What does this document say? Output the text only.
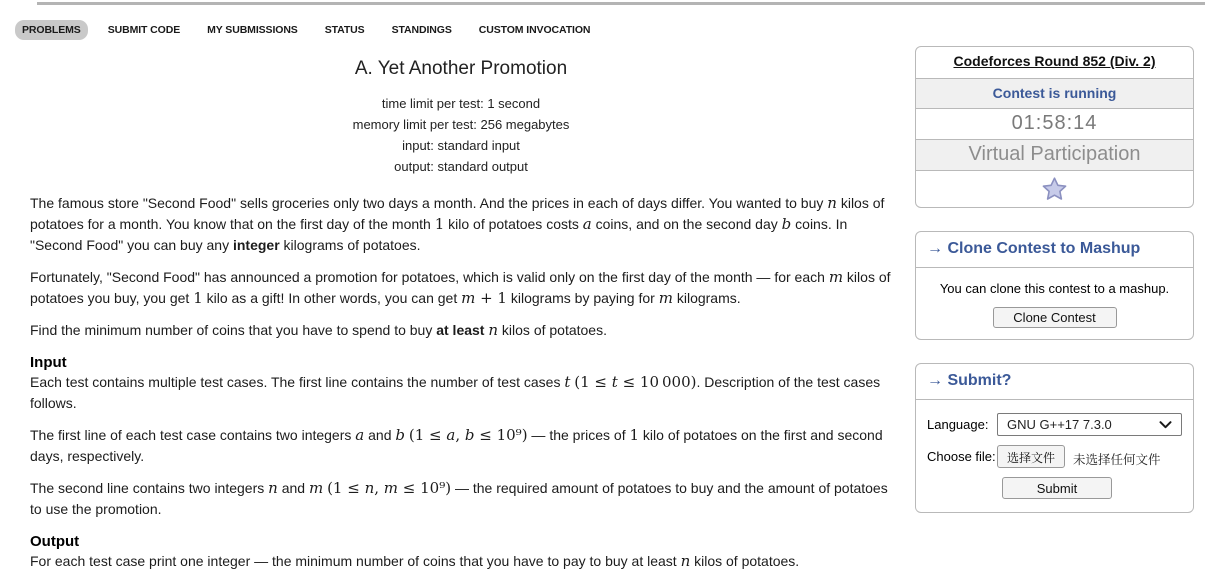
PROBLEMS	SUBMIT CODE	MY SUBMISSIONS	STATUS	STANDINGS	CUSTOM INVOCATION
A. Yet Another Promotion
time limit per test: 1 second
memory limit per test: 256 megabytes
input: standard input
output: standard output
The famous store "Second Food" sells groceries only two days a month. And the prices in each of days differ. You wanted to buy n kilos of potatoes for a month. You know that on the first day of the month 1 kilo of potatoes costs a coins, and on the second day b coins. In "Second Food" you can buy any integer kilograms of potatoes.
Fortunately, "Second Food" has announced a promotion for potatoes, which is valid only on the first day of the month — for each m kilos of potatoes you buy, you get 1 kilo as a gift! In other words, you can get m + 1 kilograms by paying for m kilograms.
Find the minimum number of coins that you have to spend to buy at least n kilos of potatoes.
Input
Each test contains multiple test cases. The first line contains the number of test cases t (1 ≤ t ≤ 10 000). Description of the test cases follows.
The first line of each test case contains two integers a and b (1 ≤ a, b ≤ 10⁹) — the prices of 1 kilo of potatoes on the first and second days, respectively.
The second line contains two integers n and m (1 ≤ n, m ≤ 10⁹) — the required amount of potatoes to buy and the amount of potatoes to use the promotion.
Output
For each test case print one integer — the minimum number of coins that you have to pay to buy at least n kilos of potatoes.
Codeforces Round 852 (Div. 2)
Contest is running
01:58:14
Virtual Participation
→ Clone Contest to Mashup
You can clone this contest to a mashup.
Clone Contest
→ Submit?
Language:	GNU G++17 7.3.0
Choose file: 选择文件	未选择任何文件
Submit
